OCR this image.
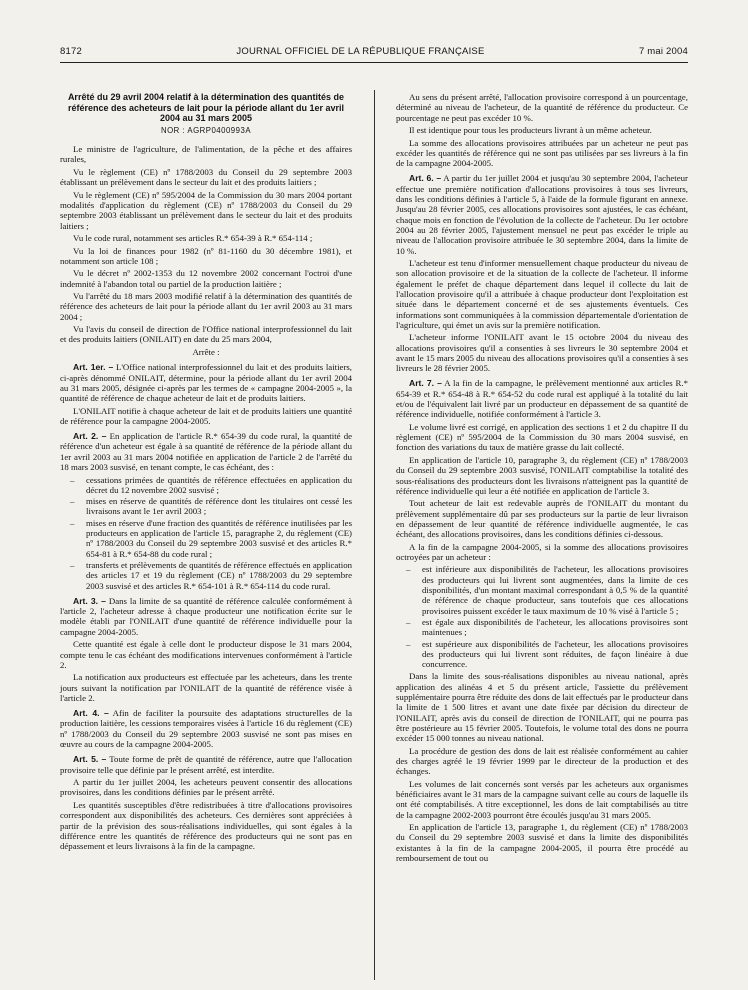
8172	JOURNAL OFFICIEL DE LA RÉPUBLIQUE FRANÇAISE	7 mai 2004
Arrêté du 29 avril 2004 relatif à la détermination des quantités de référence des acheteurs de lait pour la période allant du 1er avril 2004 au 31 mars 2005
NOR : AGRP0400993A

Le ministre de l'agriculture, de l'alimentation, de la pêche et des affaires rurales,

Vu le règlement (CE) nº 1788/2003 du Conseil du 29 septembre 2003 établissant un prélèvement dans le secteur du lait et des produits laitiers ;

Vu le règlement (CE) nº 595/2004 de la Commission du 30 mars 2004 portant modalités d'application du règlement (CE) nº 1788/2003 du Conseil du 29 septembre 2003 établissant un prélèvement dans le secteur du lait et des produits laitiers ;

Vu le code rural, notamment ses articles R.* 654-39 à R.* 654-114 ;

Vu la loi de finances pour 1982 (nº 81-1160 du 30 décembre 1981), et notamment son article 108 ;

Vu le décret nº 2002-1353 du 12 novembre 2002 concernant l'octroi d'une indemnité à l'abandon total ou partiel de la production laitière ;

Vu l'arrêté du 18 mars 2003 modifié relatif à la détermination des quantités de référence des acheteurs de lait pour la période allant du 1er avril 2003 au 31 mars 2004 ;

Vu l'avis du conseil de direction de l'Office national interprofessionnel du lait et des produits laitiers (ONILAIT) en date du 25 mars 2004,

Arrête :

Art. 1er. – L'Office national interprofessionnel du lait et des produits laitiers, ci-après dénommé ONILAIT, détermine, pour la période allant du 1er avril 2004 au 31 mars 2005, désignée ci-après par les termes de « campagne 2004-2005 », la quantité de référence de chaque acheteur de lait et de produits laitiers.

L'ONILAIT notifie à chaque acheteur de lait et de produits laitiers une quantité de référence pour la campagne 2004-2005.

Art. 2. – En application de l'article R.* 654-39 du code rural, la quantité de référence d'un acheteur est égale à sa quantité de référence de la période allant du 1er avril 2003 au 31 mars 2004 notifiée en application de l'article 2 de l'arrêté du 18 mars 2003 susvisé, en tenant compte, le cas échéant, des :

– cessations primées de quantités de référence effectuées en application du décret du 12 novembre 2002 susvisé ;
– mises en réserve de quantités de référence dont les titulaires ont cessé les livraisons avant le 1er avril 2003 ;
– mises en réserve d'une fraction des quantités de référence inutilisées par les producteurs en application de l'article 15, paragraphe 2, du règlement (CE) nº 1788/2003 du Conseil du 29 septembre 2003 susvisé et des articles R.* 654-81 à R.* 654-88 du code rural ;
– transferts et prélèvements de quantités de référence effectués en application des articles 17 et 19 du règlement (CE) nº 1788/2003 du 29 septembre 2003 susvisé et des articles R.* 654-101 à R.* 654-114 du code rural.

Art. 3. – Dans la limite de sa quantité de référence calculée conformément à l'article 2, l'acheteur adresse à chaque producteur une notification écrite sur le modèle établi par l'ONILAIT d'une quantité de référence individuelle pour la campagne 2004-2005.

Cette quantité est égale à celle dont le producteur dispose le 31 mars 2004, compte tenu le cas échéant des modifications intervenues conformément à l'article 2.

La notification aux producteurs est effectuée par les acheteurs, dans les trente jours suivant la notification par l'ONILAIT de la quantité de référence visée à l'article 2.

Art. 4. – Afin de faciliter la poursuite des adaptations structurelles de la production laitière, les cessions temporaires visées à l'article 16 du règlement (CE) nº 1788/2003 du Conseil du 29 septembre 2003 susvisé ne sont pas mises en œuvre au cours de la campagne 2004-2005.

Art. 5. – Toute forme de prêt de quantité de référence, autre que l'allocation provisoire telle que définie par le présent arrêté, est interdite.

A partir du 1er juillet 2004, les acheteurs peuvent consentir des allocations provisoires, dans les conditions définies par le présent arrêté.

Les quantités susceptibles d'être redistribuées à titre d'allocations provisoires correspondent aux disponibilités des acheteurs. Ces dernières sont appréciées à partir de la prévision des sous-réalisations individuelles, qui sont égales à la différence entre les quantités de référence des producteurs qui ne sont pas en dépassement et leurs livraisons à la fin de la campagne.

Au sens du présent arrêté, l'allocation provisoire correspond à un pourcentage, déterminé au niveau de l'acheteur, de la quantité de référence du producteur. Ce pourcentage ne peut pas excéder 10 %.

Il est identique pour tous les producteurs livrant à un même acheteur.

La somme des allocations provisoires attribuées par un acheteur ne peut pas excéder les quantités de référence qui ne sont pas utilisées par ses livreurs à la fin de la campagne 2004-2005.

Art. 6. – A partir du 1er juillet 2004 et jusqu'au 30 septembre 2004, l'acheteur effectue une première notification d'allocations provisoires à tous ses livreurs, dans les conditions définies à l'article 5, à l'aide de la formule figurant en annexe. Jusqu'au 28 février 2005, ces allocations provisoires sont ajustées, le cas échéant, chaque mois en fonction de l'évolution de la collecte de l'acheteur. Du 1er octobre 2004 au 28 février 2005, l'ajustement mensuel ne peut pas excéder le triple au niveau de l'allocation provisoire attribuée le 30 septembre 2004, dans la limite de 10 %.

L'acheteur est tenu d'informer mensuellement chaque producteur du niveau de son allocation provisoire et de la situation de la collecte de l'acheteur. Il informe également le préfet de chaque département dans lequel il collecte du lait de l'allocation provisoire qu'il a attribuée à chaque producteur dont l'exploitation est située dans le département concerné et de ses ajustements éventuels. Ces informations sont communiquées à la commission départementale d'orientation de l'agriculture, qui émet un avis sur la première notification.

L'acheteur informe l'ONILAIT avant le 15 octobre 2004 du niveau des allocations provisoires qu'il a consenties à ses livreurs le 30 septembre 2004 et avant le 15 mars 2005 du niveau des allocations provisoires qu'il a consenties à ses livreurs le 28 février 2005.

Art. 7. – A la fin de la campagne, le prélèvement mentionné aux articles R.* 654-39 et R.* 654-48 à R.* 654-52 du code rural est appliqué à la totalité du lait et/ou de l'équivalent lait livré par un producteur en dépassement de sa quantité de référence individuelle, notifiée conformément à l'article 3.

Le volume livré est corrigé, en application des sections 1 et 2 du chapitre II du règlement (CE) nº 595/2004 de la Commission du 30 mars 2004 susvisé, en fonction des variations du taux de matière grasse du lait collecté.

En application de l'article 10, paragraphe 3, du règlement (CE) nº 1788/2003 du Conseil du 29 septembre 2003 susvisé, l'ONILAIT comptabilise la totalité des sous-réalisations des producteurs dont les livraisons n'atteignent pas la quantité de référence individuelle qui leur a été notifiée en application de l'article 3.

Tout acheteur de lait est redevable auprès de l'ONILAIT du montant du prélèvement supplémentaire dû par ses producteurs sur la partie de leur livraison en dépassement de leur quantité de référence individuelle augmentée, le cas échéant, des allocations provisoires, dans les conditions définies ci-dessous.

A la fin de la campagne 2004-2005, si la somme des allocations provisoires octroyées par un acheteur :

– est inférieure aux disponibilités de l'acheteur, les allocations provisoires des producteurs qui lui livrent sont augmentées, dans la limite de ces disponibilités, d'un montant maximal correspondant à 0,5 % de la quantité de référence de chaque producteur, sans toutefois que ces allocations provisoires puissent excéder le taux maximum de 10 % visé à l'article 5 ;
– est égale aux disponibilités de l'acheteur, les allocations provisoires sont maintenues ;
– est supérieure aux disponibilités de l'acheteur, les allocations provisoires des producteurs qui lui livrent sont réduites, de façon linéaire à due concurrence.

Dans la limite des sous-réalisations disponibles au niveau national, après application des alinéas 4 et 5 du présent article, l'assiette du prélèvement supplémentaire pourra être réduite des dons de lait effectués par le producteur dans la limite de 1 500 litres et avant une date fixée par décision du directeur de l'ONILAIT, après avis du conseil de direction de l'ONILAIT, qui ne pourra pas être postérieure au 15 février 2005. Toutefois, le volume total des dons ne pourra excéder 15 000 tonnes au niveau national.

La procédure de gestion des dons de lait est réalisée conformément au cahier des charges agréé le 19 février 1999 par le directeur de la production et des échanges.

Les volumes de lait concernés sont versés par les acheteurs aux organismes bénéficiaires avant le 31 mars de la campagne suivant celle au cours de laquelle ils ont été comptabilisés. A titre exceptionnel, les dons de lait comptabilisés au titre de la campagne 2002-2003 pourront être écoulés jusqu'au 31 mars 2005.

En application de l'article 13, paragraphe 1, du règlement (CE) nº 1788/2003 du Conseil du 29 septembre 2003 susvisé et dans la limite des disponibilités existantes à la fin de la campagne 2004-2005, il pourra être procédé au remboursement de tout ou
